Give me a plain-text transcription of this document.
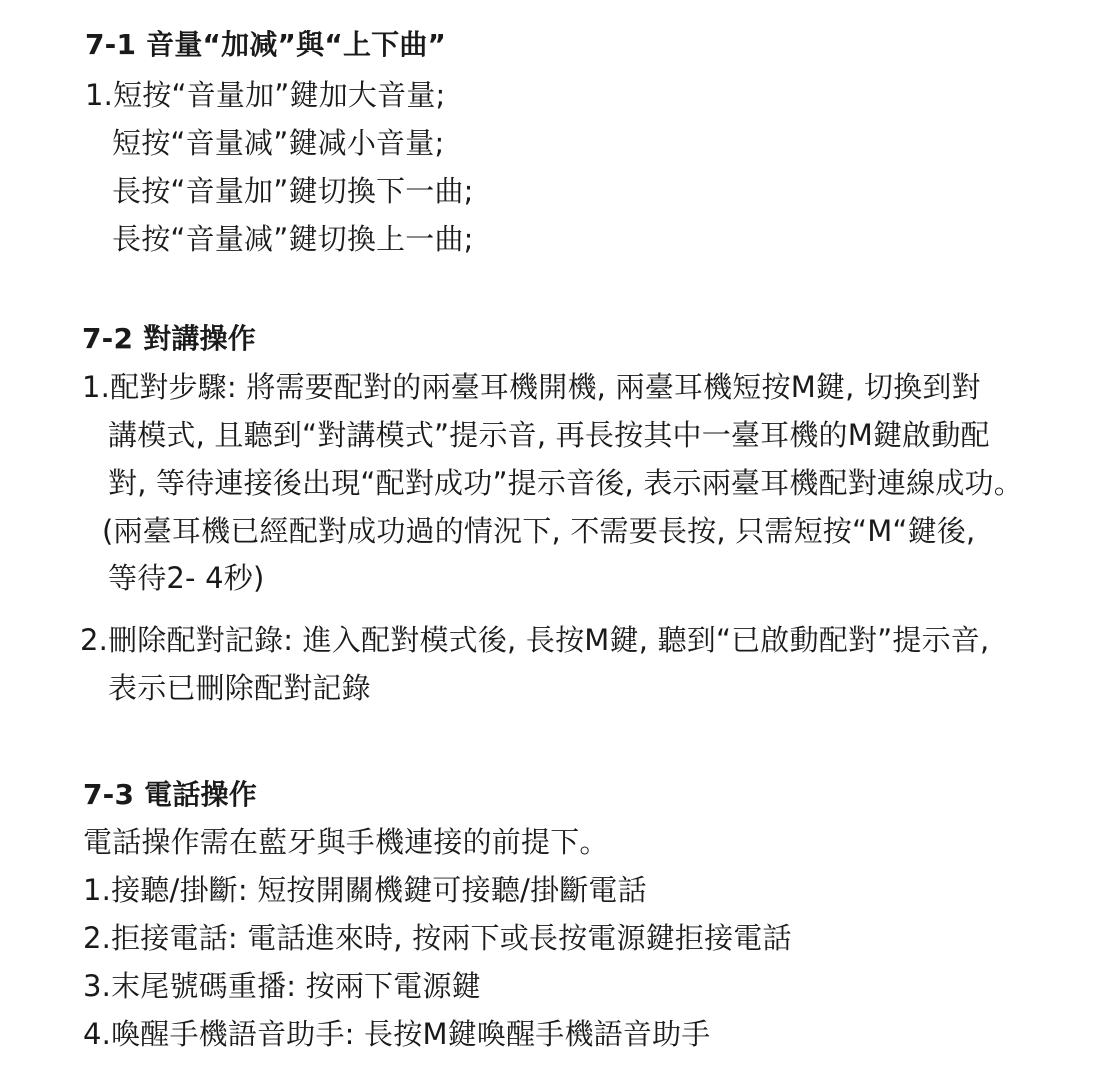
7-1 音量“加减”與“上下曲”
1.短按“音量加”鍵加大音量;
短按“音量减”鍵减小音量;
長按“音量加”鍵切換下一曲;
長按“音量减”鍵切換上一曲;
7-2 對講操作
1.配對步驟: 將需要配對的兩臺耳機開機, 兩臺耳機短按M鍵, 切換到對
講模式, 且聽到“對講模式”提示音, 再長按其中一臺耳機的M鍵啟動配
對, 等待連接後出現“配對成功”提示音後, 表示兩臺耳機配對連線成功。
(兩臺耳機已經配對成功過的情況下, 不需要長按, 只需短按“M“鍵後,
等待2- 4秒)
2.刪除配對記錄: 進入配對模式後, 長按M鍵, 聽到“已啟動配對”提示音,
表示已刪除配對記錄
7-3 電話操作
電話操作需在藍牙與手機連接的前提下。
1.接聽/掛斷: 短按開關機鍵可接聽/掛斷電話
2.拒接電話: 電話進來時, 按兩下或長按電源鍵拒接電話
3.末尾號碼重播: 按兩下電源鍵
4.喚醒手機語音助手: 長按M鍵喚醒手機語音助手
